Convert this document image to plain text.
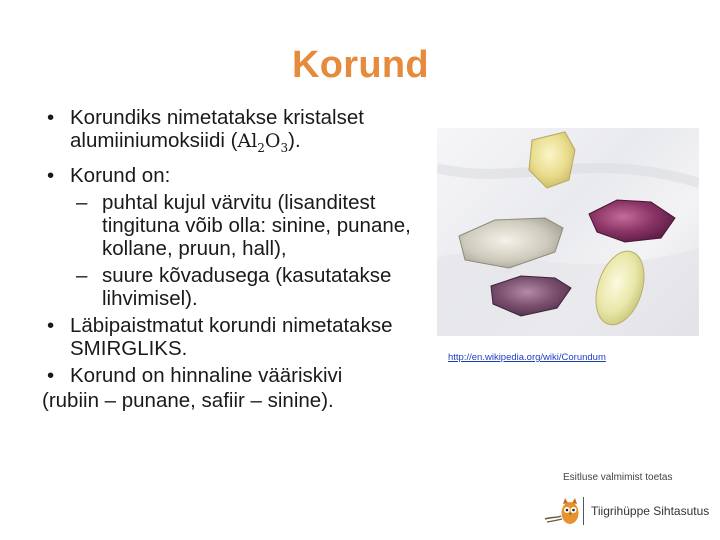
Korund
• Korundiks nimetatakse kristalset
alumiiniumoksiidi $(Al_2O_3)$.
• Korund on:
– puhtal kujul värvitu (lisanditest tingituna võib olla: sinine, punane, kollane, pruun, hall),
– suure kõvadusega (kasutatakse lihvimisel).
• Läbipaistmatut korundi nimetatakse SMIRGLIKS.
• Korund on hinnaline vääriskivi
(rubiin – punane, safiir – sinine).
http://en.wikipedia.org/wiki/Corundum
Esitluse valmimist toetas
Tiigrihüppe Sihtasutus
